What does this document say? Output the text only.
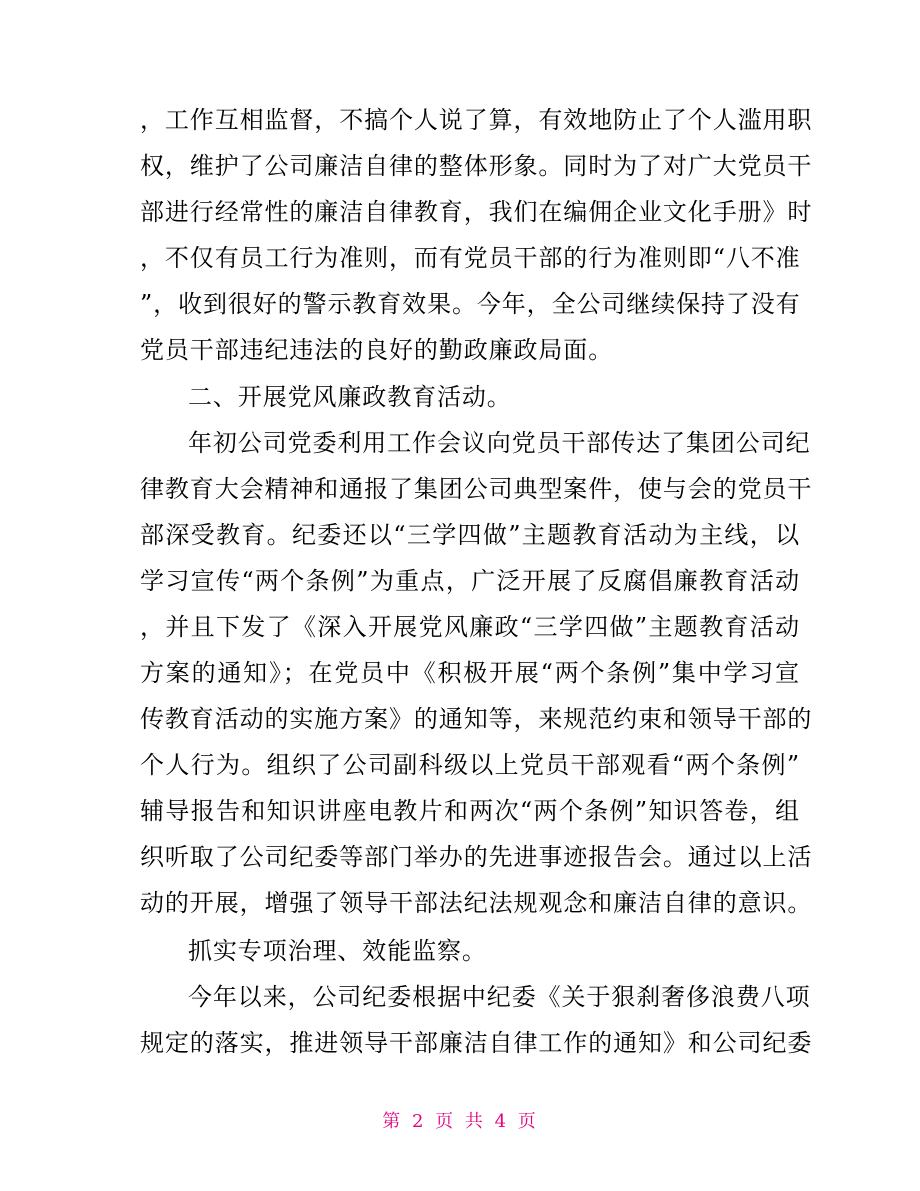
，工作互相监督，不搞个人说了算，有效地防止了个人滥用职
权，维护了公司廉洁自律的整体形象。同时为了对广大党员干
部进行经常性的廉洁自律教育，我们在编佣企业文化手册》时
，不仅有员工行为准则，而有党员干部的行为准则即“八不准
”，收到很好的警示教育效果。今年，全公司继续保持了没有
党员干部违纪违法的良好的勤政廉政局面。
二、开展党风廉政教育活动。
年初公司党委利用工作会议向党员干部传达了集团公司纪
律教育大会精神和通报了集团公司典型案件，使与会的党员干
部深受教育。纪委还以“三学四做”主题教育活动为主线，以
学习宣传“两个条例”为重点，广泛开展了反腐倡廉教育活动
，并且下发了《深入开展党风廉政“三学四做”主题教育活动
方案的通知》；在党员中《积极开展“两个条例”集中学习宣
传教育活动的实施方案》的通知等，来规范约束和领导干部的
个人行为。组织了公司副科级以上党员干部观看“两个条例”
辅导报告和知识讲座电教片和两次“两个条例”知识答卷，组
织听取了公司纪委等部门举办的先进事迹报告会。通过以上活
动的开展，增强了领导干部法纪法规观念和廉洁自律的意识。
抓实专项治理、效能监察。
今年以来，公司纪委根据中纪委《关于狠刹奢侈浪费八项
规定的落实，推进领导干部廉洁自律工作的通知》和公司纪委
第 2 页 共 4 页
